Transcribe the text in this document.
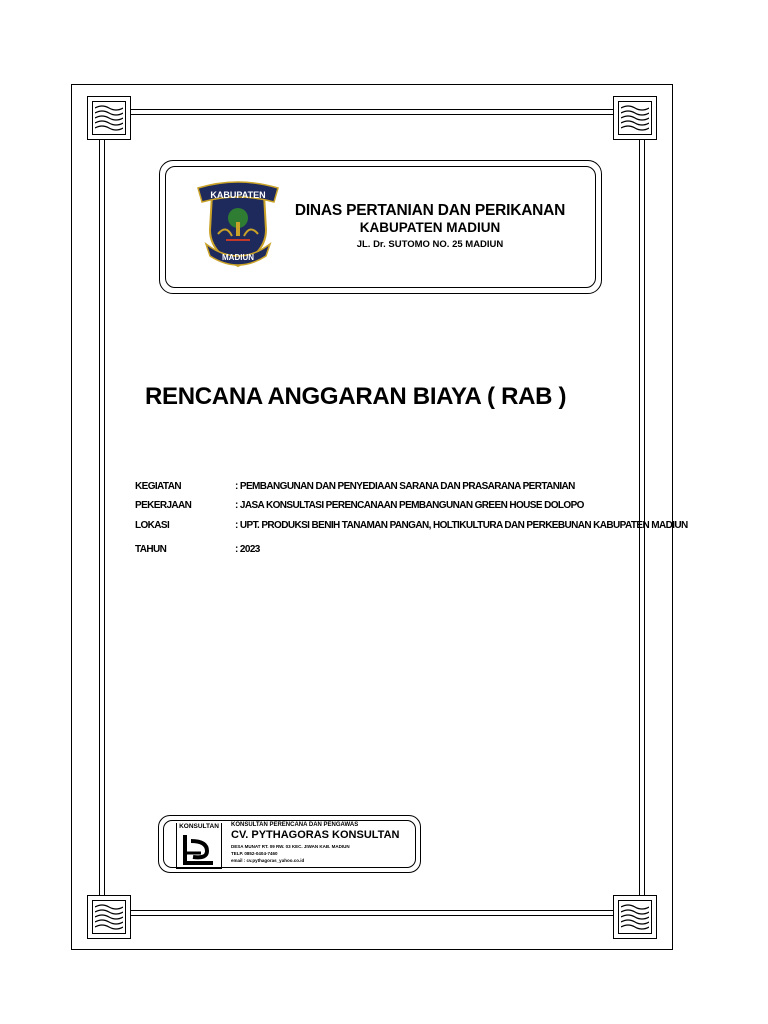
KABUPATEN
MADIUN
DINAS PERTANIAN DAN PERIKANAN
KABUPATEN MADIUN
JL. Dr. SUTOMO NO. 25 MADIUN
RENCANA ANGGARAN BIAYA ( RAB )
KEGIATAN	: PEMBANGUNAN DAN PENYEDIAAN SARANA DAN PRASARANA PERTANIAN
PEKERJAAN	: JASA KONSULTASI PERENCANAAN PEMBANGUNAN GREEN HOUSE DOLOPO
LOKASI	: UPT. PRODUKSI BENIH TANAMAN PANGAN, HOLTIKULTURA DAN PERKEBUNAN KABUPATEN MADIUN
TAHUN	: 2023
KONSULTAN	KONSULTAN PERENCANA DAN PENGAWAS
CV. PYTHAGORAS KONSULTAN
DESA MUNAT RT. 09 RW. 03 KEC. JIWAN KAB. MADIUN
TELP. 0852-0404-7460
email : cv.pythagoras_yahoo.co.id
